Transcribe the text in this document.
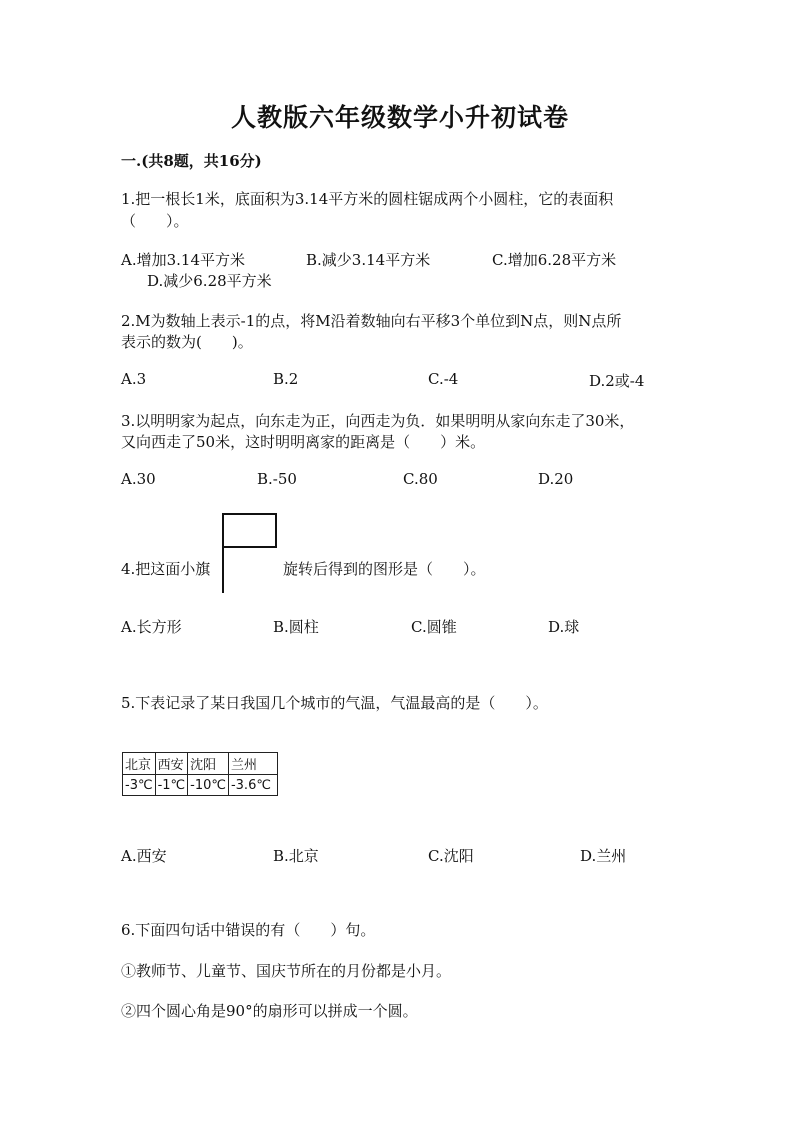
人教版六年级数学小升初试卷
一.(共8题，共16分)
1.把一根长1米，底面积为3.14平方米的圆柱锯成两个小圆柱，它的表面积
（　　）。
A.增加3.14平方米	B.减少3.14平方米	C.增加6.28平方米
D.减少6.28平方米
2.M为数轴上表示-1的点，将M沿着数轴向右平移3个单位到N点，则N点所
表示的数为(　　)。
A.3	B.2	C.-4	D.2或-4
3.以明明家为起点，向东走为正，向西走为负．如果明明从家向东走了30米，
又向西走了50米，这时明明离家的距离是（　　）米。
A.30	B.-50	C.80	D.20
4.把这面小旗	旋转后得到的图形是（　　）。
A.长方形	B.圆柱	C.圆锥	D.球
5.下表记录了某日我国几个城市的气温，气温最高的是（　　）。
北京	西安	沈阳	兰州
-3℃	-1℃	-10℃	-3.6℃
A.西安	B.北京	C.沈阳	D.兰州
6.下面四句话中错误的有（　　）句。
①教师节、儿童节、国庆节所在的月份都是小月。
②四个圆心角是90°的扇形可以拼成一个圆。
